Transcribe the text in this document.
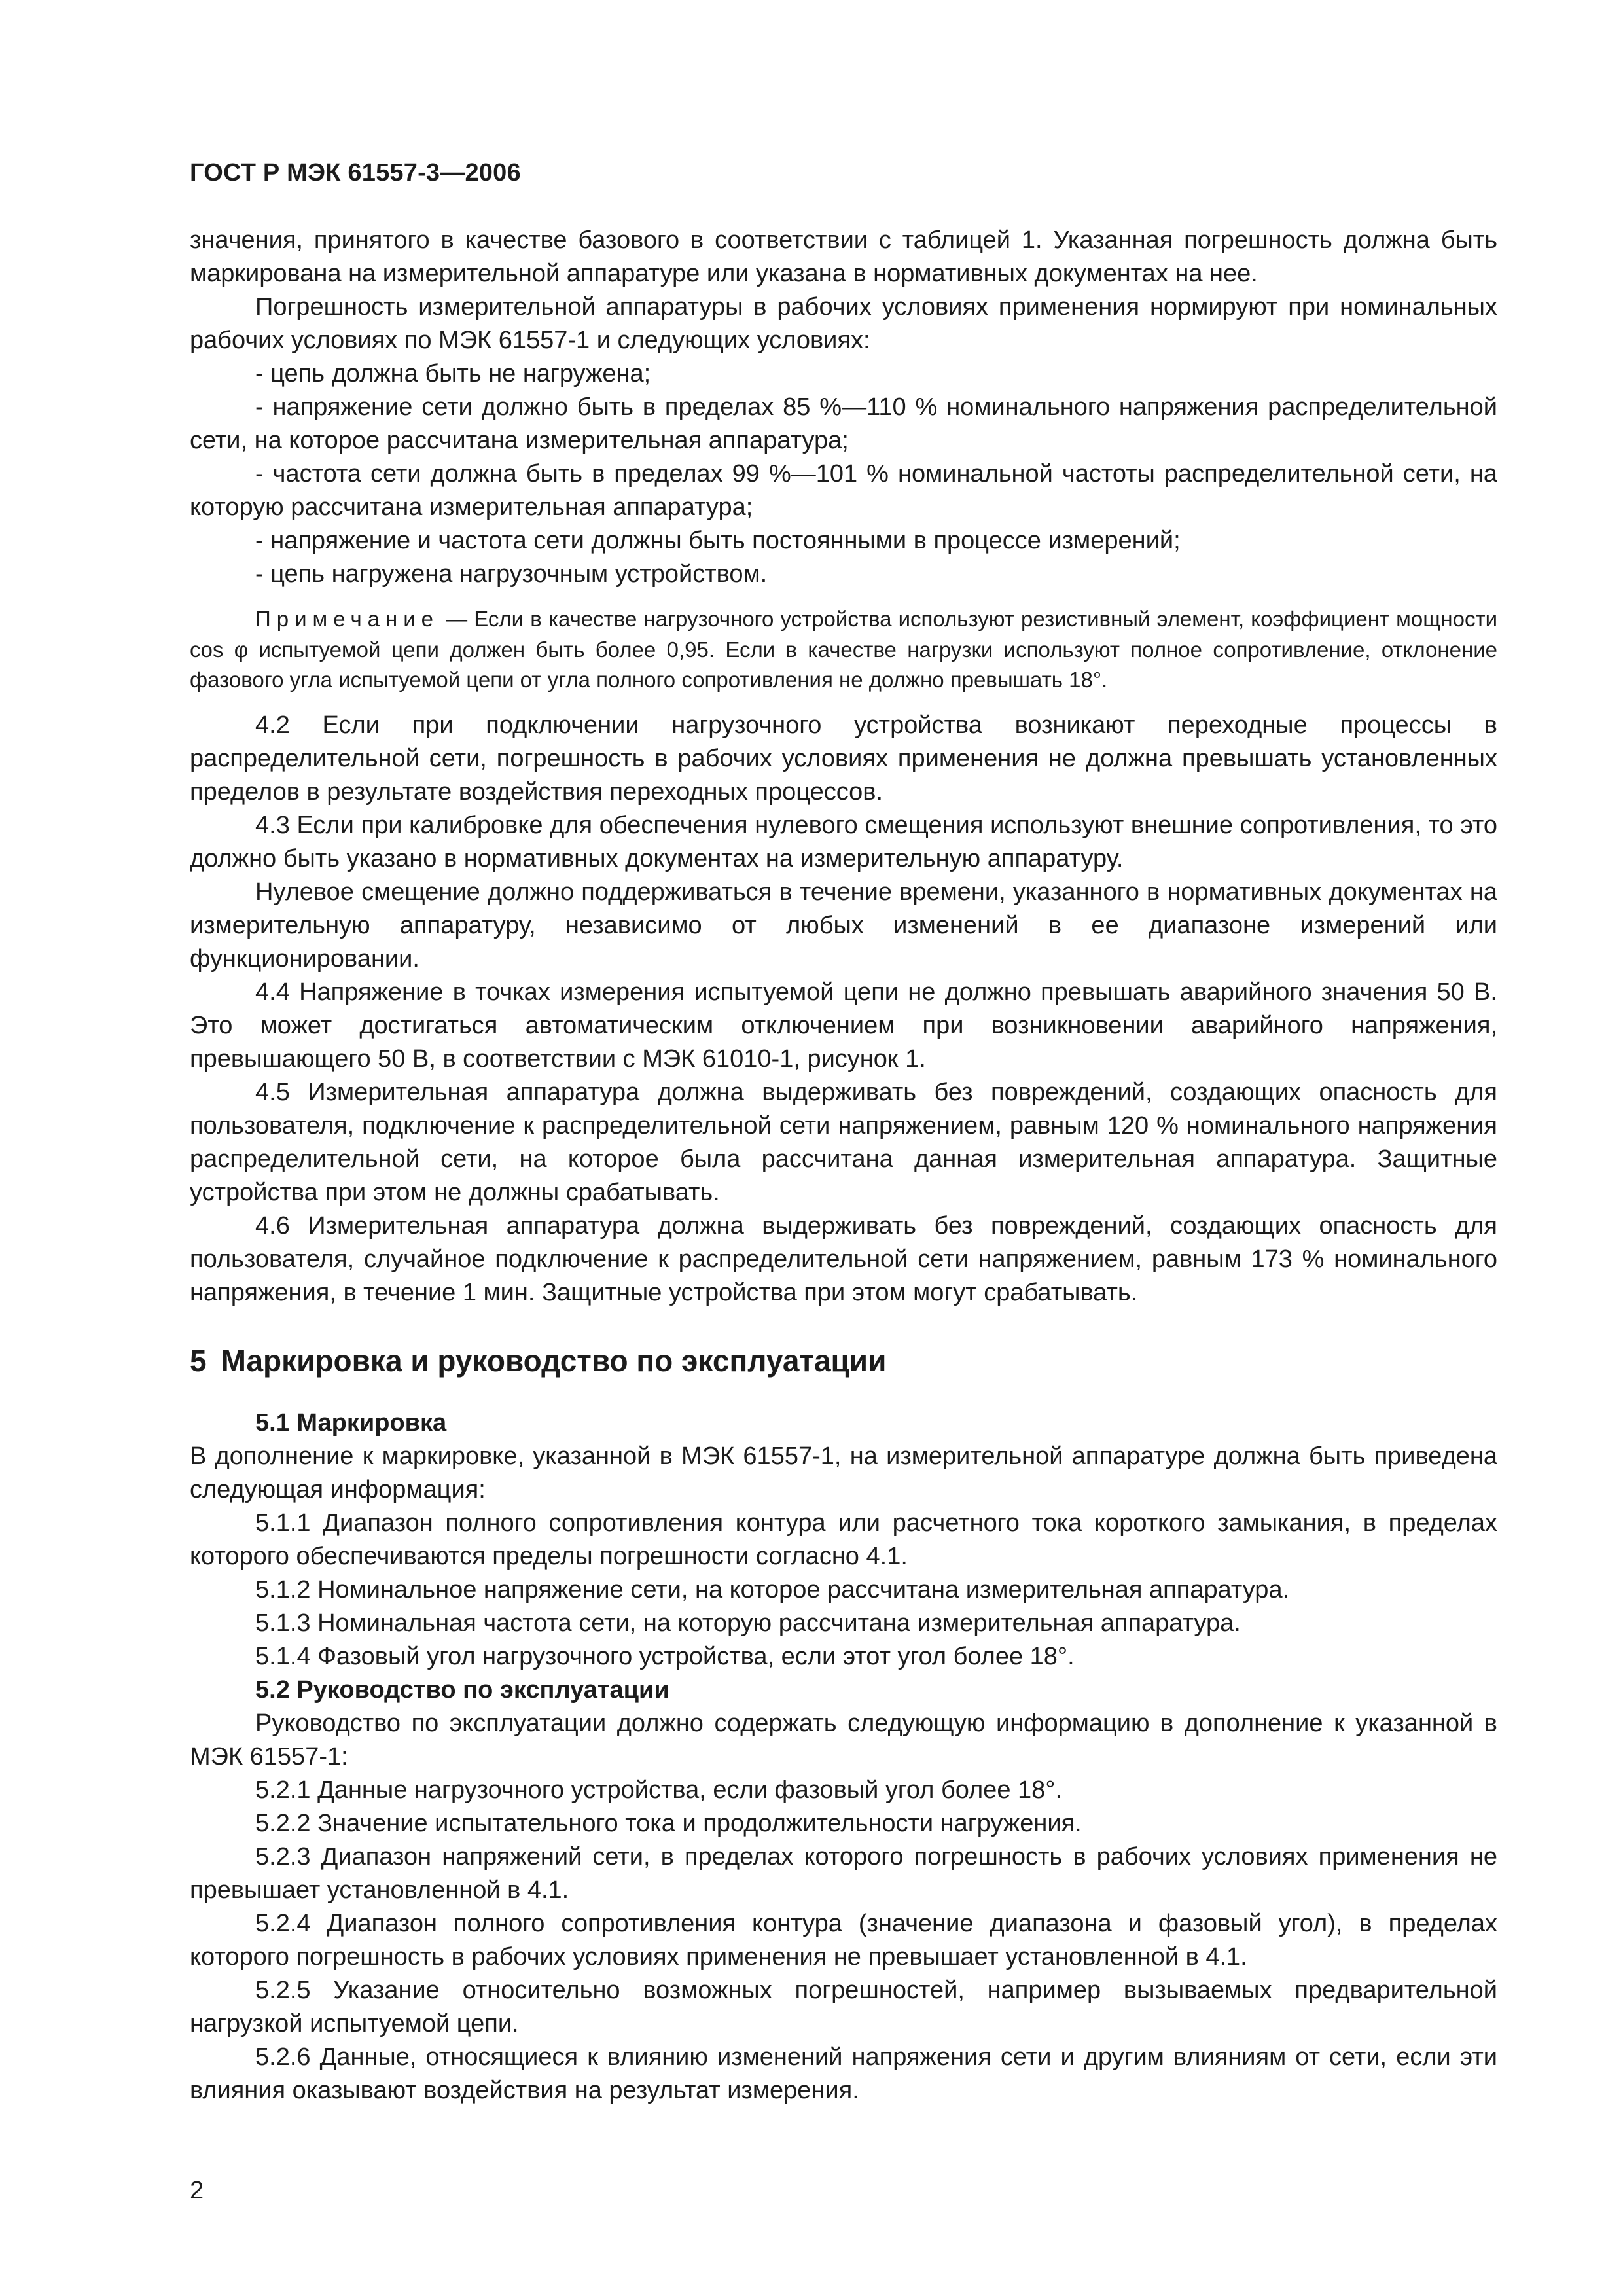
ГОСТ Р МЭК 61557-3—2006

значения, принятого в качестве базового в соответствии с таблицей 1. Указанная погрешность должна быть маркирована на измерительной аппаратуре или указана в нормативных документах на нее.

Погрешность измерительной аппаратуры в рабочих условиях применения нормируют при номинальных рабочих условиях по МЭК 61557-1 и следующих условиях:

- цепь должна быть не нагружена;

- напряжение сети должно быть в пределах 85 %—110 % номинального напряжения распределительной сети, на которое рассчитана измерительная аппаратура;

- частота сети должна быть в пределах 99 %—101 % номинальной частоты распределительной сети, на которую рассчитана измерительная аппаратура;

- напряжение и частота сети должны быть постоянными в процессе измерений;

- цепь нагружена нагрузочным устройством.

Примечание — Если в качестве нагрузочного устройства используют резистивный элемент, коэффициент мощности cos φ испытуемой цепи должен быть более 0,95. Если в качестве нагрузки используют полное сопротивление, отклонение фазового угла испытуемой цепи от угла полного сопротивления не должно превышать 18°.

4.2 Если при подключении нагрузочного устройства возникают переходные процессы в распределительной сети, погрешность в рабочих условиях применения не должна превышать установленных пределов в результате воздействия переходных процессов.

4.3 Если при калибровке для обеспечения нулевого смещения используют внешние сопротивления, то это должно быть указано в нормативных документах на измерительную аппаратуру.

Нулевое смещение должно поддерживаться в течение времени, указанного в нормативных документах на измерительную аппаратуру, независимо от любых изменений в ее диапазоне измерений или функционировании.

4.4 Напряжение в точках измерения испытуемой цепи не должно превышать аварийного значения 50 В. Это может достигаться автоматическим отключением при возникновении аварийного напряжения, превышающего 50 В, в соответствии с МЭК 61010-1, рисунок 1.

4.5 Измерительная аппаратура должна выдерживать без повреждений, создающих опасность для пользователя, подключение к распределительной сети напряжением, равным 120 % номинального напряжения распределительной сети, на которое была рассчитана данная измерительная аппаратура. Защитные устройства при этом не должны срабатывать.

4.6 Измерительная аппаратура должна выдерживать без повреждений, создающих опасность для пользователя, случайное подключение к распределительной сети напряжением, равным 173 % номинального напряжения, в течение 1 мин. Защитные устройства при этом могут срабатывать.

5 Маркировка и руководство по эксплуатации

5.1 Маркировка

В дополнение к маркировке, указанной в МЭК 61557-1, на измерительной аппаратуре должна быть приведена следующая информация:

5.1.1 Диапазон полного сопротивления контура или расчетного тока короткого замыкания, в пределах которого обеспечиваются пределы погрешности согласно 4.1.

5.1.2 Номинальное напряжение сети, на которое рассчитана измерительная аппаратура.

5.1.3 Номинальная частота сети, на которую рассчитана измерительная аппаратура.

5.1.4 Фазовый угол нагрузочного устройства, если этот угол более 18°.

5.2 Руководство по эксплуатации

Руководство по эксплуатации должно содержать следующую информацию в дополнение к указанной в МЭК 61557-1:

5.2.1 Данные нагрузочного устройства, если фазовый угол более 18°.

5.2.2 Значение испытательного тока и продолжительности нагружения.

5.2.3 Диапазон напряжений сети, в пределах которого погрешность в рабочих условиях применения не превышает установленной в 4.1.

5.2.4 Диапазон полного сопротивления контура (значение диапазона и фазовый угол), в пределах которого погрешность в рабочих условиях применения не превышает установленной в 4.1.

5.2.5 Указание относительно возможных погрешностей, например вызываемых предварительной нагрузкой испытуемой цепи.

5.2.6 Данные, относящиеся к влиянию изменений напряжения сети и другим влияниям от сети, если эти влияния оказывают воздействия на результат измерения.

2
